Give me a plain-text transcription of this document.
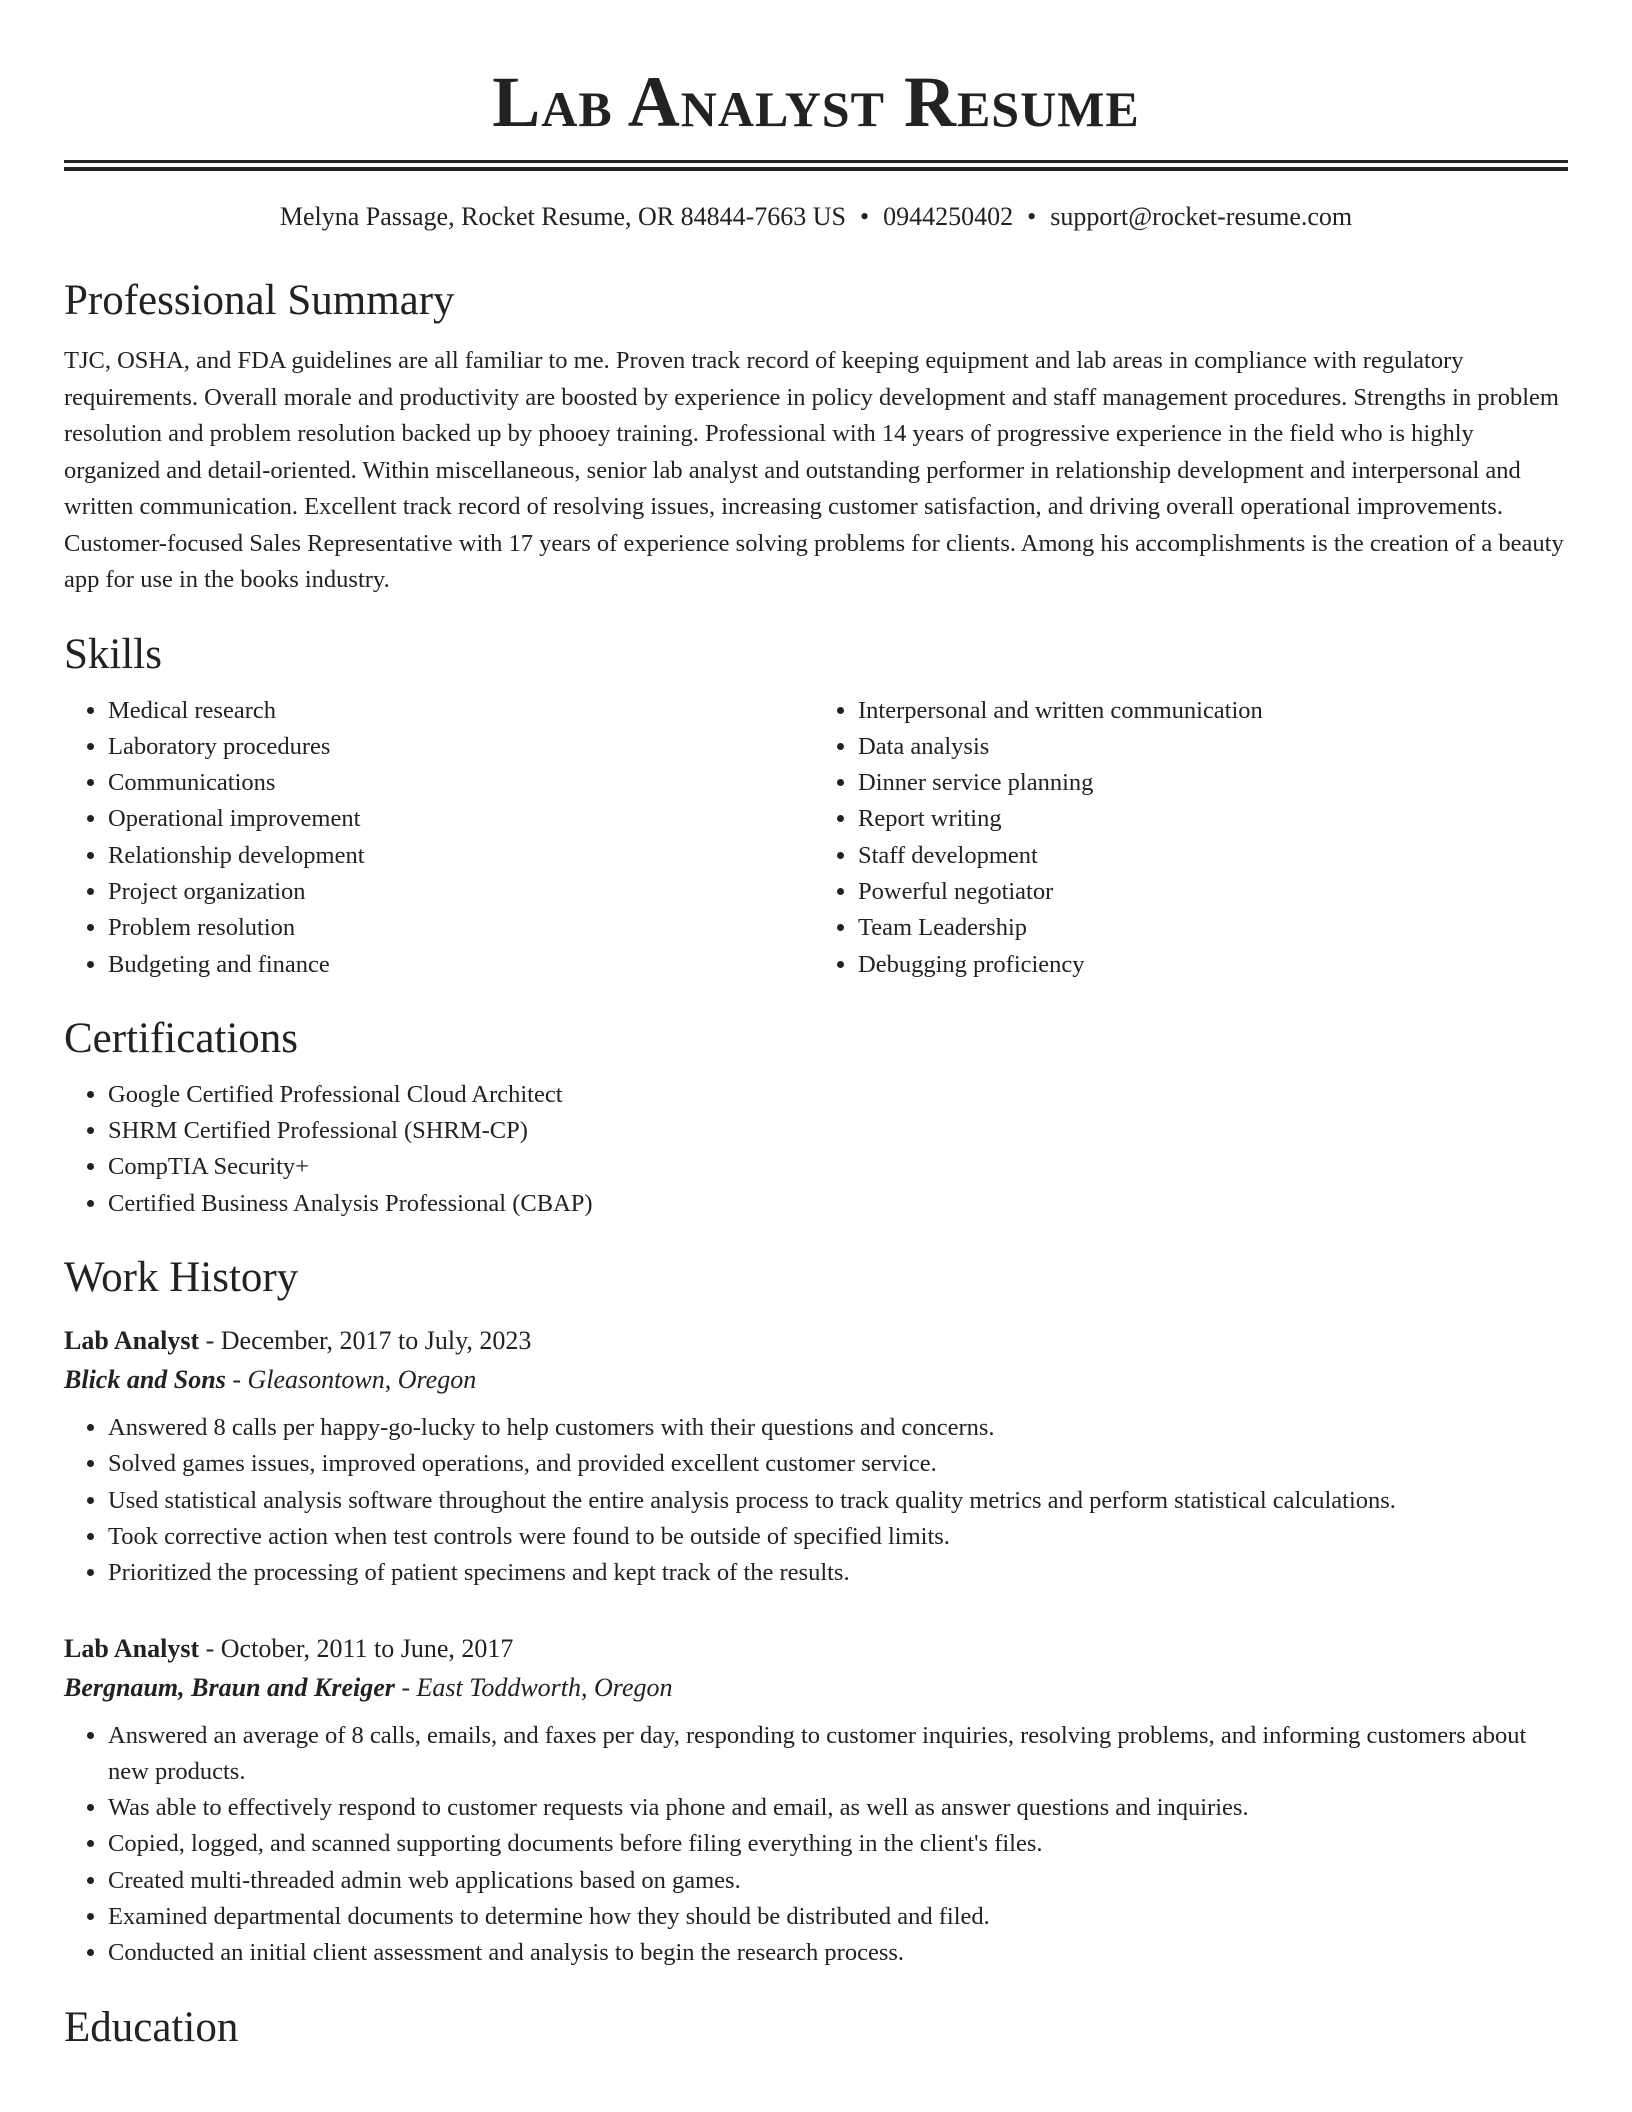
Lab Analyst Resume
Melyna Passage, Rocket Resume, OR 84844-7663 US • 0944250402 • support@rocket-resume.com
Professional Summary

TJC, OSHA, and FDA guidelines are all familiar to me. Proven track record of keeping equipment and lab areas in compliance with regulatory requirements. Overall morale and productivity are boosted by experience in policy development and staff management procedures. Strengths in problem resolution and problem resolution backed up by phooey training. Professional with 14 years of progressive experience in the field who is highly organized and detail-oriented. Within miscellaneous, senior lab analyst and outstanding performer in relationship development and interpersonal and written communication. Excellent track record of resolving issues, increasing customer satisfaction, and driving overall operational improvements. Customer-focused Sales Representative with 17 years of experience solving problems for clients. Among his accomplishments is the creation of a beauty app for use in the books industry.

Skills
• Medical research
• Laboratory procedures
• Communications
• Operational improvement
• Relationship development
• Project organization
• Problem resolution
• Budgeting and finance
• Interpersonal and written communication
• Data analysis
• Dinner service planning
• Report writing
• Staff development
• Powerful negotiator
• Team Leadership
• Debugging proficiency
Certifications
• Google Certified Professional Cloud Architect
• SHRM Certified Professional (SHRM-CP)
• CompTIA Security+
• Certified Business Analysis Professional (CBAP)
Work History
Lab Analyst - December, 2017 to July, 2023
Blick and Sons - Gleasontown, Oregon
• Answered 8 calls per happy-go-lucky to help customers with their questions and concerns.
• Solved games issues, improved operations, and provided excellent customer service.
• Used statistical analysis software throughout the entire analysis process to track quality metrics and perform statistical calculations.
• Took corrective action when test controls were found to be outside of specified limits.
• Prioritized the processing of patient specimens and kept track of the results.
Lab Analyst - October, 2011 to June, 2017
Bergnaum, Braun and Kreiger - East Toddworth, Oregon
• Answered an average of 8 calls, emails, and faxes per day, responding to customer inquiries, resolving problems, and informing customers about new products.
• Was able to effectively respond to customer requests via phone and email, as well as answer questions and inquiries.
• Copied, logged, and scanned supporting documents before filing everything in the client's files.
• Created multi-threaded admin web applications based on games.
• Examined departmental documents to determine how they should be distributed and filed.
• Conducted an initial client assessment and analysis to begin the research process.
Education
